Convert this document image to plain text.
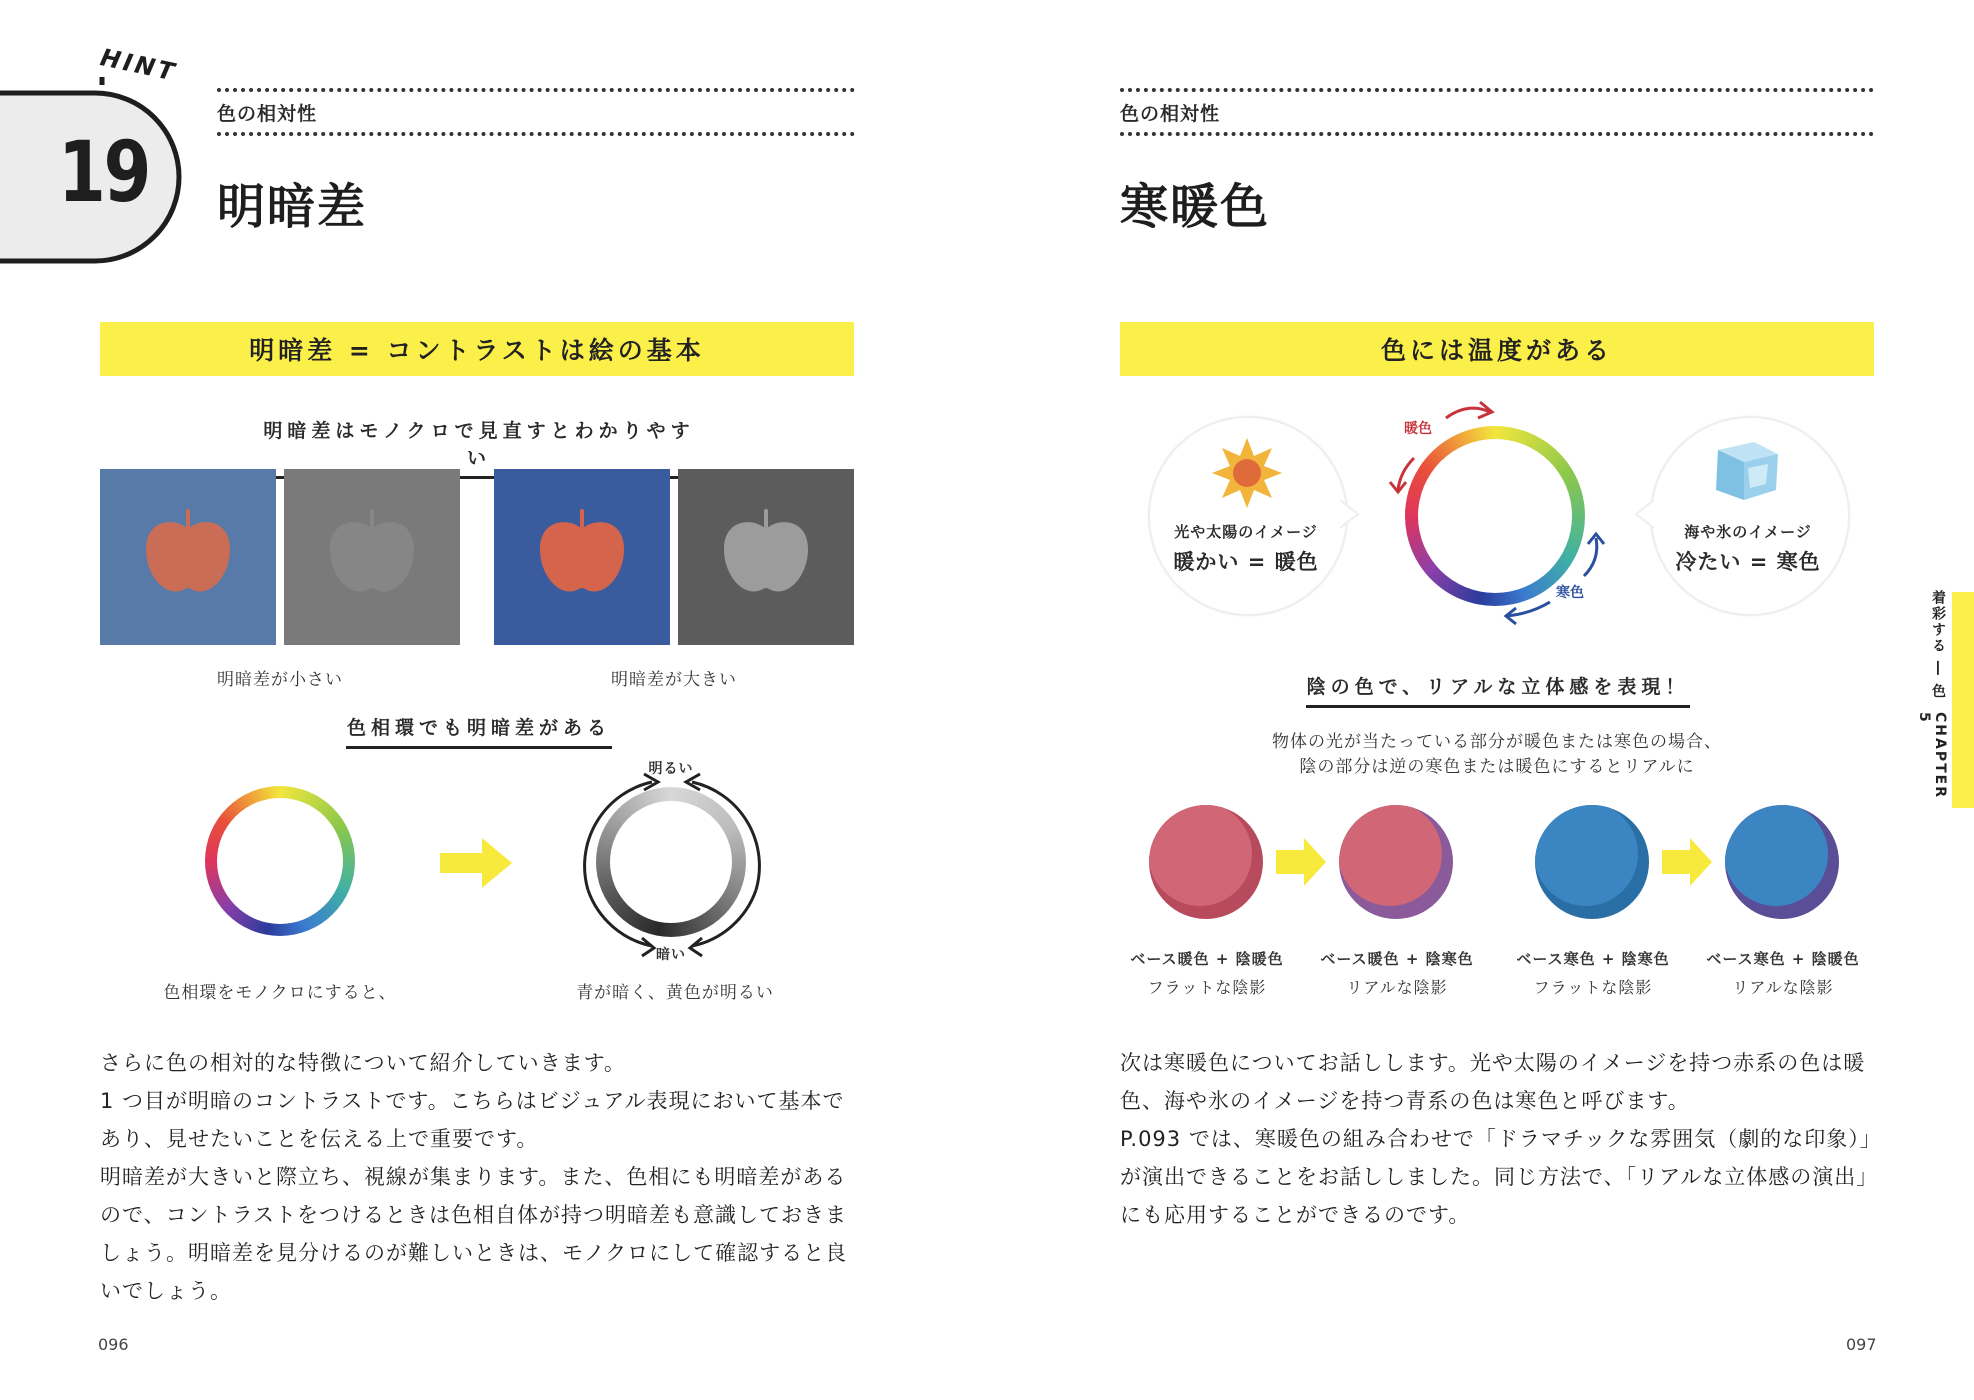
HINT
19
色の相対性
明暗差
明暗差 = コントラストは絵の基本
明暗差はモノクロで見直すとわかりやすい
明暗差が小さい	明暗差が大きい
色相環でも明暗差がある
明るい
暗い
色相環をモノクロにすると、	青が暗く、黄色が明るい

さらに色の相対的な特徴について紹介していきます。

1 つ目が明暗のコントラストです。こちらはビジュアル表現において基本であり、見せたいことを伝える上で重要です。

明暗差が大きいと際立ち、視線が集まります。また、色相にも明暗差があるので、コントラストをつけるときは色相自体が持つ明暗差も意識しておきましょう。明暗差を見分けるのが難しいときは、モノクロにして確認すると良いでしょう。

096
色の相対性
寒暖色
色には温度がある
光や太陽のイメージ
暖かい = 暖色
海や氷のイメージ
冷たい = 寒色
暖色
寒色
陰の色で、リアルな立体感を表現！
物体の光が当たっている部分が暖色または寒色の場合、
陰の部分は逆の寒色または暖色にするとリアルに
ベース暖色 + 陰暖色
フラットな陰影
ベース暖色 + 陰寒色
リアルな陰影
ベース寒色 + 陰寒色
フラットな陰影
ベース寒色 + 陰暖色
リアルな陰影

次は寒暖色についてお話しします。光や太陽のイメージを持つ赤系の色は暖色、海や氷のイメージを持つ青系の色は寒色と呼びます。

P.093 では、寒暖色の組み合わせで「ドラマチックな雰囲気（劇的な印象）」が演出できることをお話ししました。同じ方法で、「リアルな立体感の演出」にも応用することができるのです。

097
CHAPTER 5
着彩する ― 色
